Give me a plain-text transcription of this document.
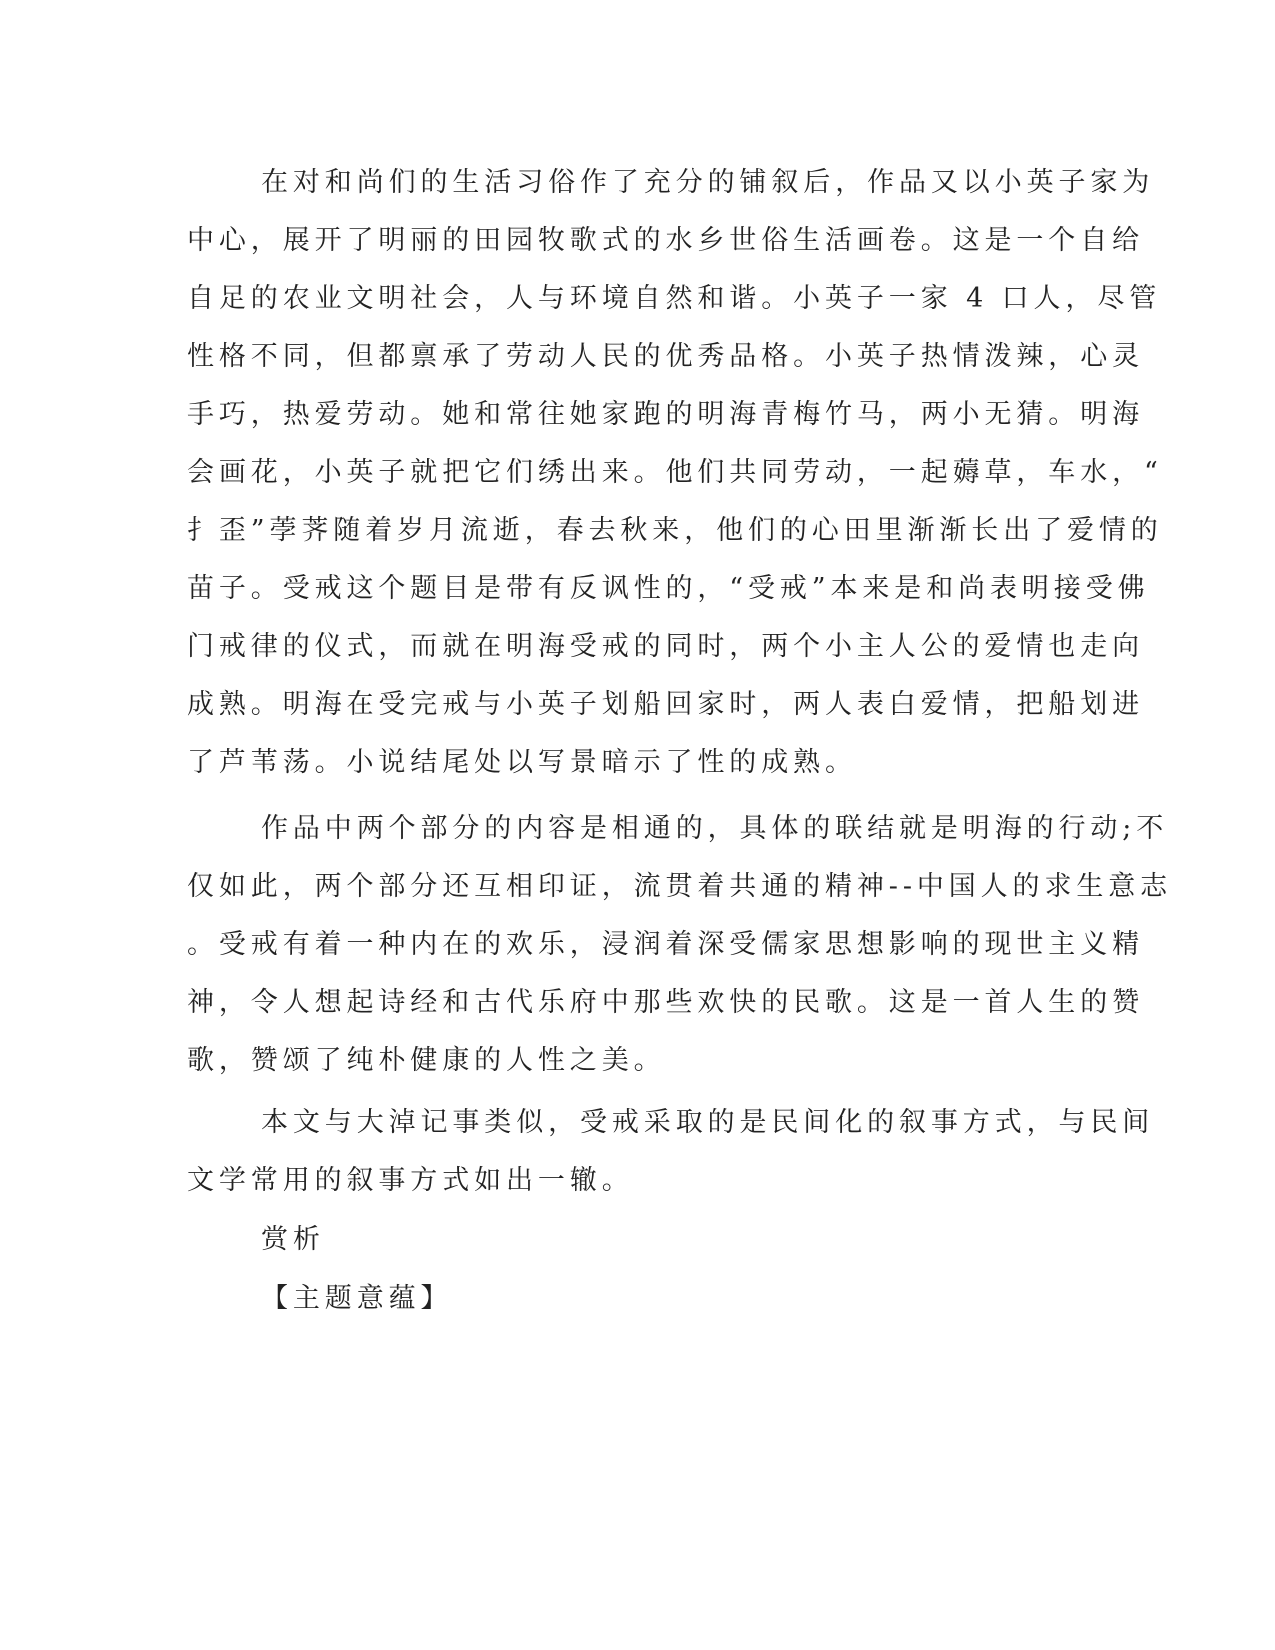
在对和尚们的生活习俗作了充分的铺叙后，作品又以小英子家为
中心，展开了明丽的田园牧歌式的水乡世俗生活画卷。这是一个自给
自足的农业文明社会，人与环境自然和谐。小英子一家 4 口人，尽管
性格不同，但都禀承了劳动人民的优秀品格。小英子热情泼辣，心灵
手巧，热爱劳动。她和常往她家跑的明海青梅竹马，两小无猜。明海
会画花，小英子就把它们绣出来。他们共同劳动，一起薅草，车水，“
扌歪”荸荠随着岁月流逝，春去秋来，他们的心田里渐渐长出了爱情的
苗子。受戒这个题目是带有反讽性的，“受戒”本来是和尚表明接受佛
门戒律的仪式，而就在明海受戒的同时，两个小主人公的爱情也走向
成熟。明海在受完戒与小英子划船回家时，两人表白爱情，把船划进
了芦苇荡。小说结尾处以写景暗示了性的成熟。
作品中两个部分的内容是相通的，具体的联结就是明海的行动;不
仅如此，两个部分还互相印证，流贯着共通的精神--中国人的求生意志
。受戒有着一种内在的欢乐，浸润着深受儒家思想影响的现世主义精
神，令人想起诗经和古代乐府中那些欢快的民歌。这是一首人生的赞
歌，赞颂了纯朴健康的人性之美。
本文与大淖记事类似，受戒采取的是民间化的叙事方式，与民间
文学常用的叙事方式如出一辙。
赏析
【主题意蕴】
